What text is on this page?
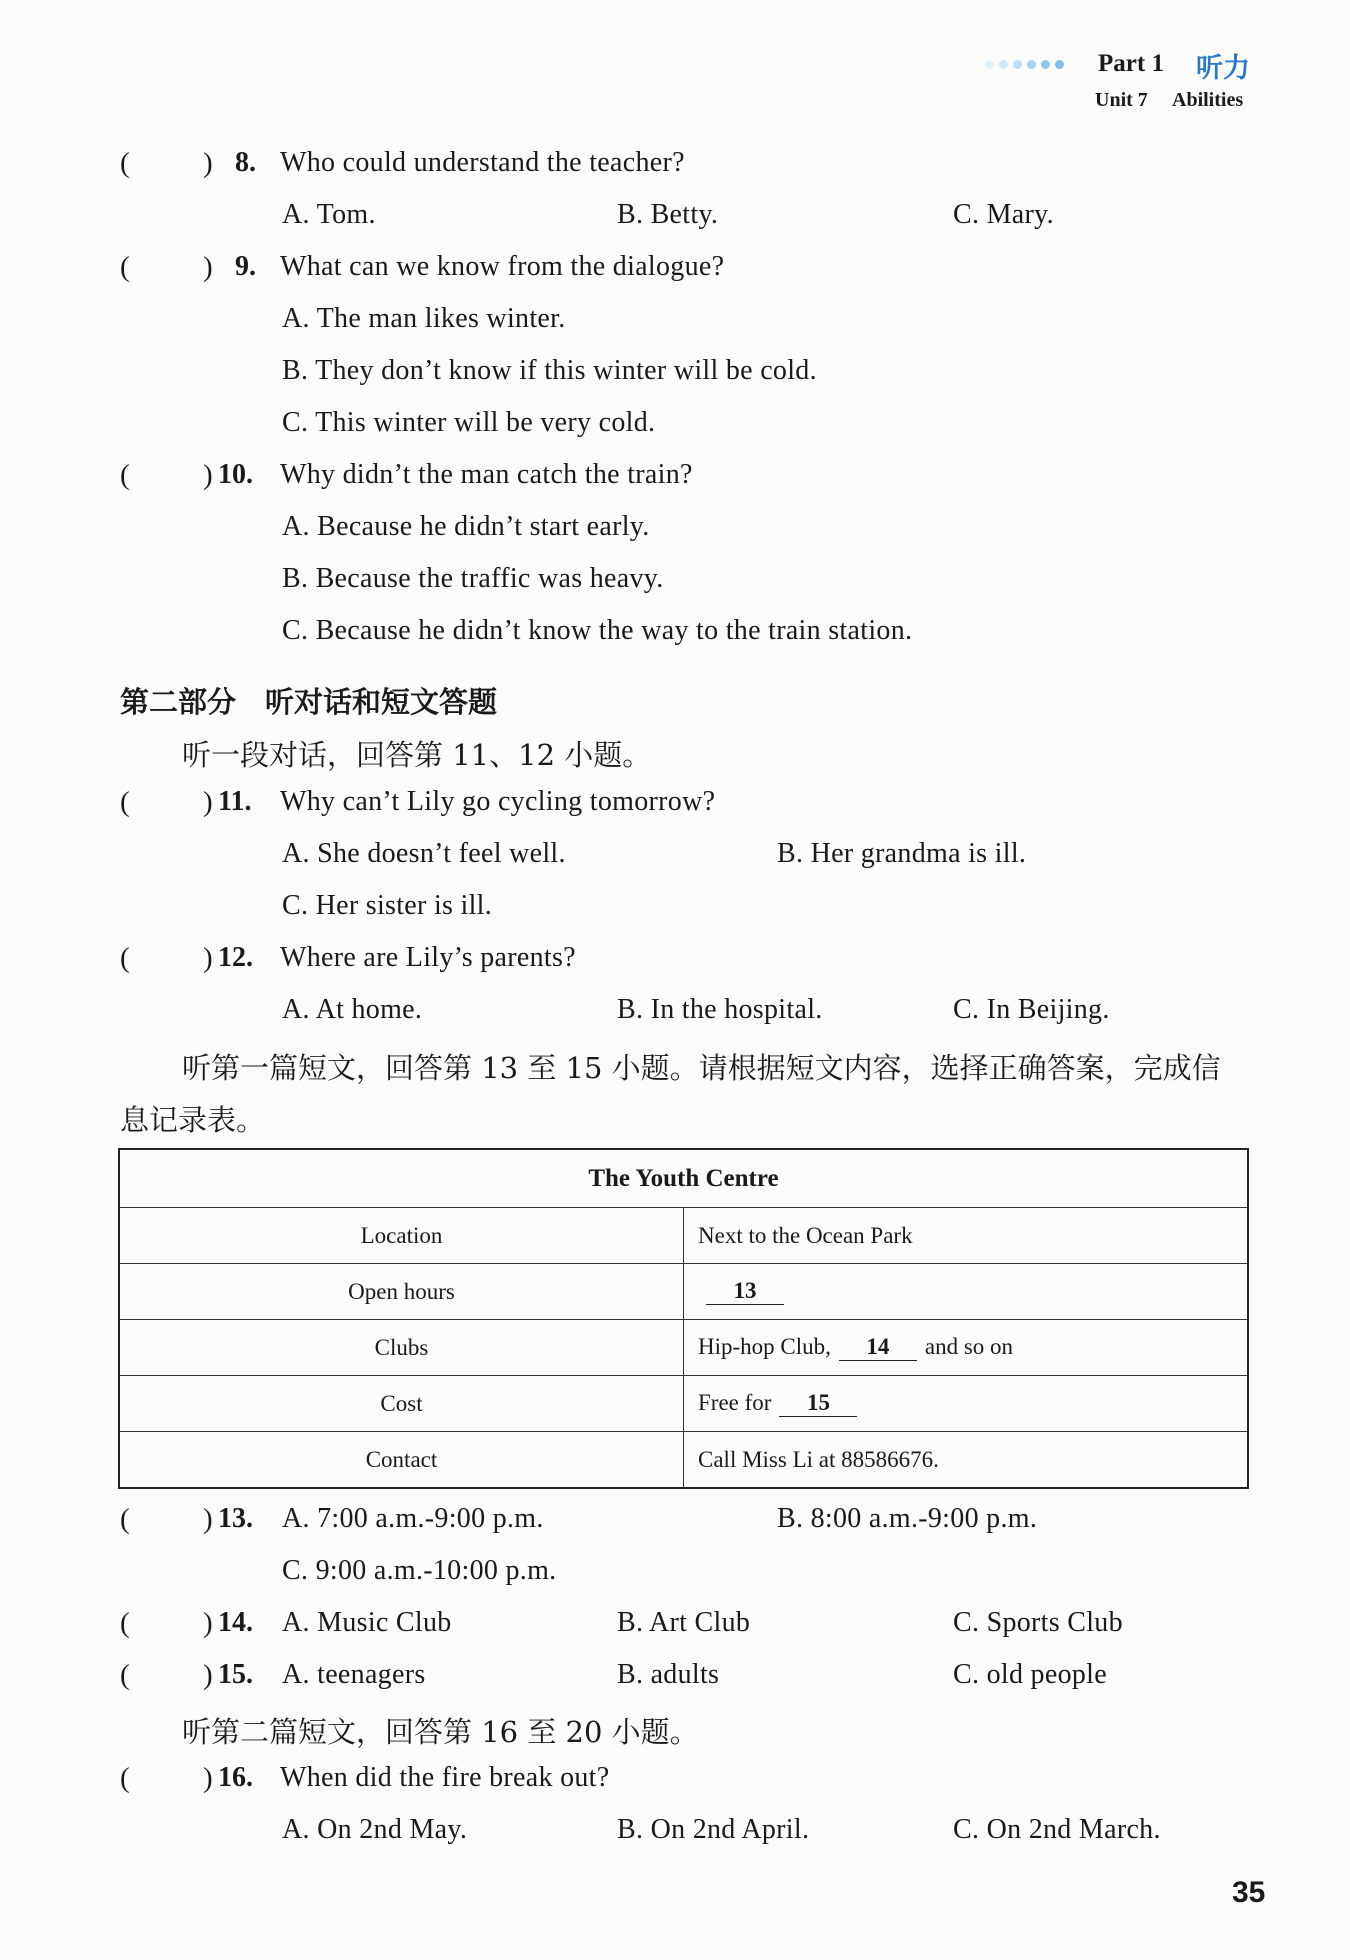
Part 1 听力
Unit 7 Abilities
(	) 8. Who could understand the teacher?
A. Tom.	B. Betty.	C. Mary.
(	) 9. What can we know from the dialogue?
A. The man likes winter.
B. They don’t know if this winter will be cold.
C. This winter will be very cold.
(	) 10. Why didn’t the man catch the train?
A. Because he didn’t start early.
B. Because the traffic was heavy.
C. Because he didn’t know the way to the train station.
第二部分　听对话和短文答题
听一段对话，回答第 11、12 小题。
(	) 11. Why can’t Lily go cycling tomorrow?
A. She doesn’t feel well.	B. Her grandma is ill.
C. Her sister is ill.
(	) 12. Where are Lily’s parents?
A. At home.	B. In the hospital.	C. In Beijing.
听第一篇短文，回答第 13 至 15 小题。请根据短文内容，选择正确答案，完成信
息记录表。
The Youth Centre	
Location	Next to the Ocean Park
Open hours	13
Clubs	Hip-hop Club, 14 and so on
Cost	Free for 15
Contact	Call Miss Li at 88586676.
(	) 13. A. 7:00 a.m.-9:00 p.m.	B. 8:00 a.m.-9:00 p.m.
C. 9:00 a.m.-10:00 p.m.
(	) 14. A. Music Club	B. Art Club	C. Sports Club
(	) 15. A. teenagers	B. adults	C. old people
听第二篇短文，回答第 16 至 20 小题。
(	) 16. When did the fire break out?
A. On 2nd May.	B. On 2nd April.	C. On 2nd March.
35
